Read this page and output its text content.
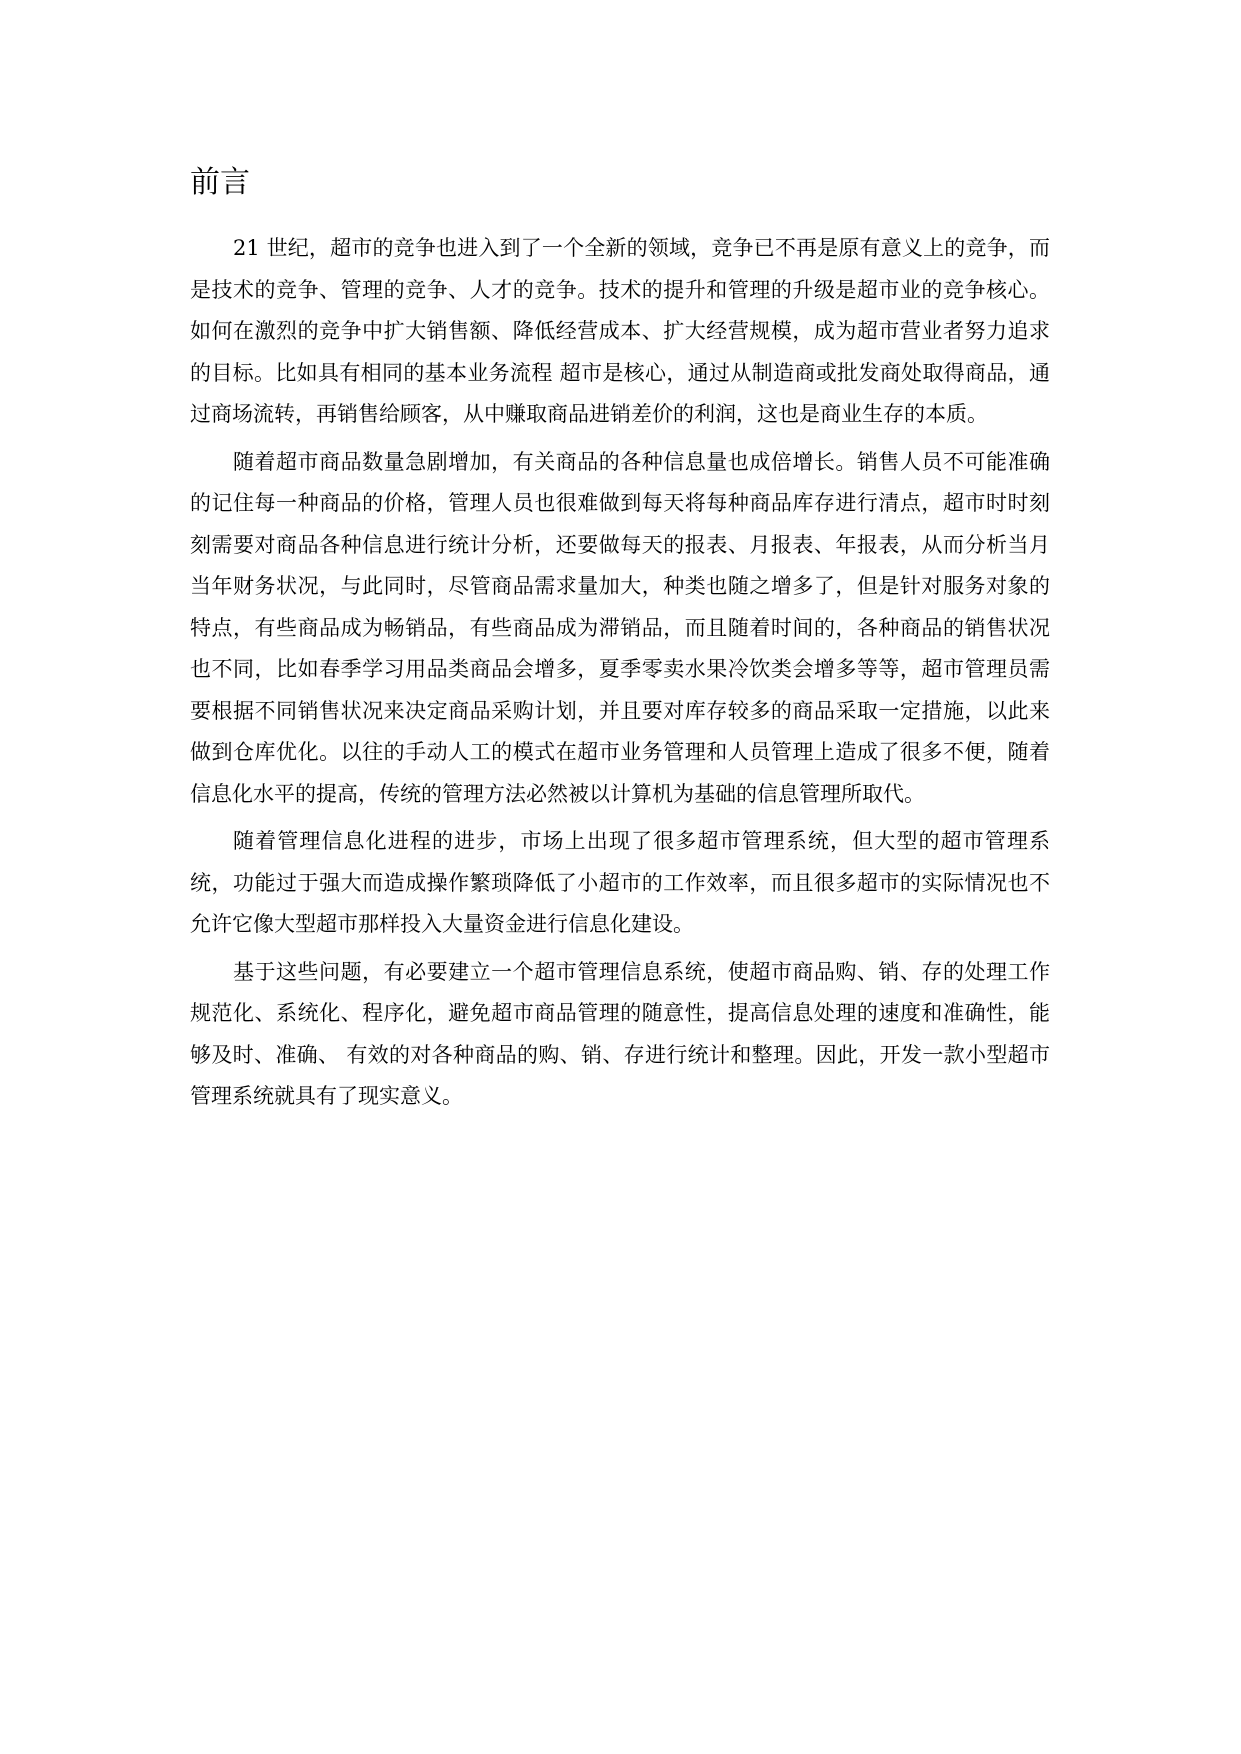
前言

21 世纪，超市的竞争也进入到了一个全新的领域，竞争已不再是原有意义上的竞争，而是技术的竞争、管理的竞争、人才的竞争。技术的提升和管理的升级是超市业的竞争核心。如何在激烈的竞争中扩大销售额、降低经营成本、扩大经营规模，成为超市营业者努力追求的目标。比如具有相同的基本业务流程 超市是核心，通过从制造商或批发商处取得商品，通过商场流转，再销售给顾客，从中赚取商品进销差价的利润，这也是商业生存的本质。

随着超市商品数量急剧增加，有关商品的各种信息量也成倍增长。销售人员不可能准确的记住每一种商品的价格，管理人员也很难做到每天将每种商品库存进行清点，超市时时刻刻需要对商品各种信息进行统计分析，还要做每天的报表、月报表、年报表，从而分析当月当年财务状况，与此同时，尽管商品需求量加大，种类也随之增多了，但是针对服务对象的特点，有些商品成为畅销品，有些商品成为滞销品，而且随着时间的，各种商品的销售状况也不同，比如春季学习用品类商品会增多，夏季零卖水果冷饮类会增多等等，超市管理员需要根据不同销售状况来决定商品采购计划，并且要对库存较多的商品采取一定措施，以此来做到仓库优化。以往的手动人工的模式在超市业务管理和人员管理上造成了很多不便，随着信息化水平的提高，传统的管理方法必然被以计算机为基础的信息管理所取代。

随着管理信息化进程的进步，市场上出现了很多超市管理系统，但大型的超市管理系统，功能过于强大而造成操作繁琐降低了小超市的工作效率，而且很多超市的实际情况也不允许它像大型超市那样投入大量资金进行信息化建设。

基于这些问题，有必要建立一个超市管理信息系统，使超市商品购、销、存的处理工作规范化、系统化、程序化，避免超市商品管理的随意性，提高信息处理的速度和准确性，能够及时、准确、 有效的对各种商品的购、销、存进行统计和整理。因此，开发一款小型超市管理系统就具有了现实意义。
